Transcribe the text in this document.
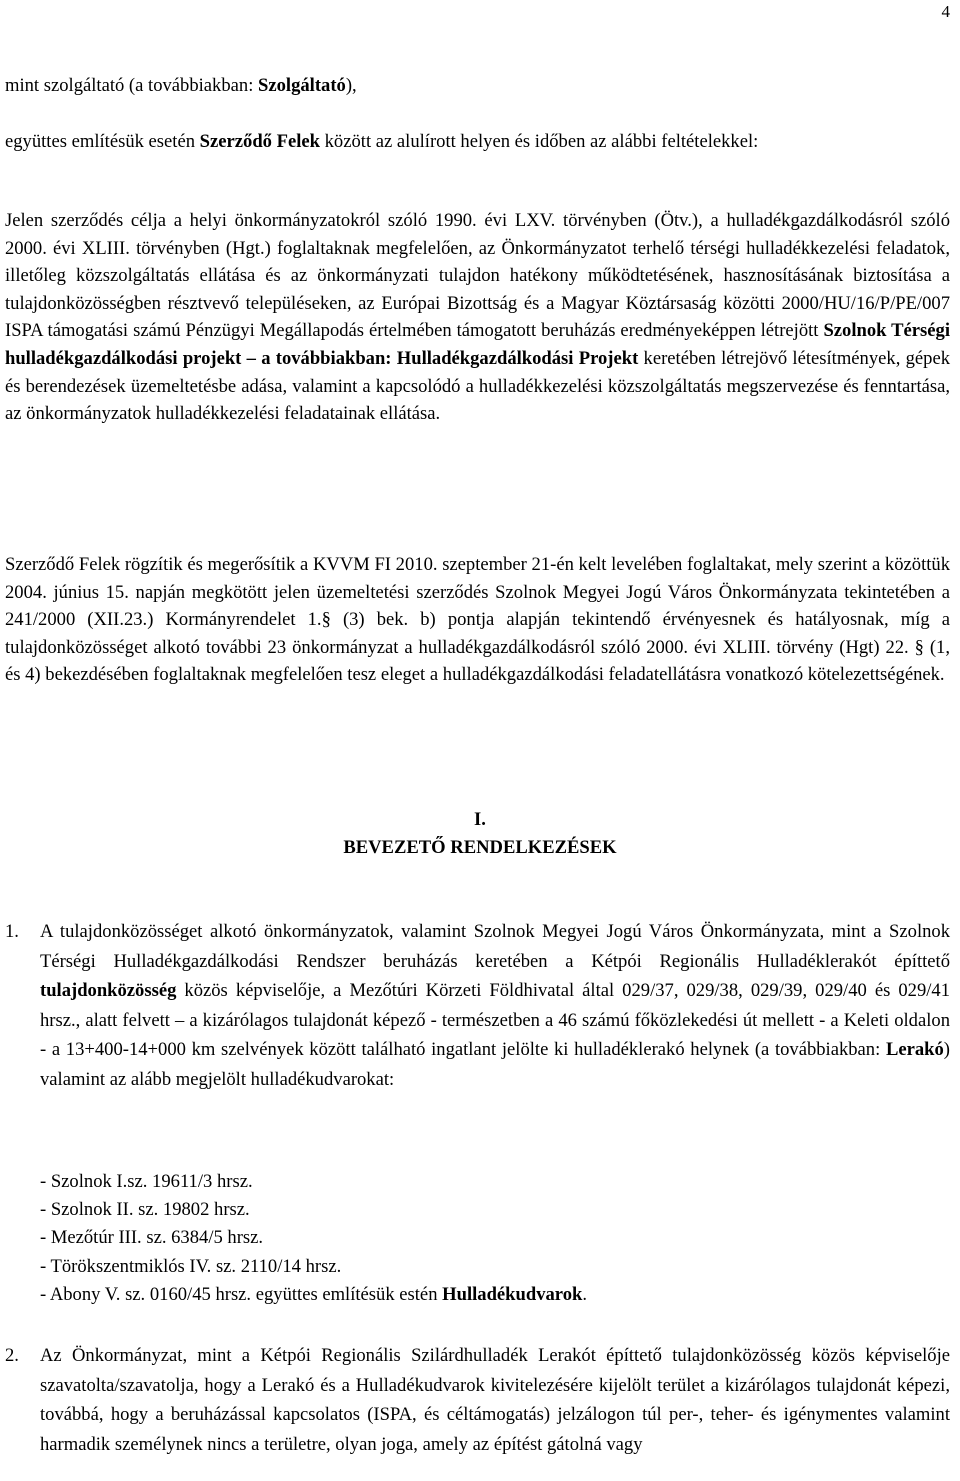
4
mint szolgáltató (a továbbiakban: Szolgáltató),
együttes említésük esetén Szerződő Felek között az alulírott helyen és időben az alábbi feltételekkel:
Jelen szerződés célja a helyi önkormányzatokról szóló 1990. évi LXV. törvényben (Ötv.), a hulladékgazdálkodásról szóló 2000. évi XLIII. törvényben (Hgt.) foglaltaknak megfelelően, az Önkormányzatot terhelő térségi hulladékkezelési feladatok, illetőleg közszolgáltatás ellátása és az önkormányzati tulajdon hatékony működtetésének, hasznosításának biztosítása a tulajdonközösségben résztvevő településeken, az Európai Bizottság és a Magyar Köztársaság közötti 2000/HU/16/P/PE/007 ISPA támogatási számú Pénzügyi Megállapodás értelmében támogatott beruházás eredményeképpen létrejött Szolnok Térségi hulladékgazdálkodási projekt – a továbbiakban: Hulladékgazdálkodási Projekt keretében létrejövő létesítmények, gépek és berendezések üzemeltetésbe adása, valamint a kapcsolódó a hulladékkezelési közszolgáltatás megszervezése és fenntartása, az önkormányzatok hulladékkezelési feladatainak ellátása.
Szerződő Felek rögzítik és megerősítik a KVVM FI 2010. szeptember 21-én kelt levelében foglaltakat, mely szerint a közöttük 2004. június 15. napján megkötött jelen üzemeltetési szerződés Szolnok Megyei Jogú Város Önkormányzata tekintetében a 241/2000 (XII.23.) Kormányrendelet 1.§ (3) bek. b) pontja alapján tekintendő érvényesnek és hatályosnak, míg a tulajdonközösséget alkotó további 23 önkormányzat a hulladékgazdálkodásról szóló 2000. évi XLIII. törvény (Hgt) 22. § (1, és 4) bekezdésében foglaltaknak megfelelően tesz eleget a hulladékgazdálkodási feladatellátásra vonatkozó kötelezettségének.
I.
BEVEZETŐ RENDELKEZÉSEK
1. A tulajdonközösséget alkotó önkormányzatok, valamint Szolnok Megyei Jogú Város Önkormányzata, mint a Szolnok Térségi Hulladékgazdálkodási Rendszer beruházás keretében a Kétpói Regionális Hulladéklerakót építtető tulajdonközösség közös képviselője, a Mezőtúri Körzeti Földhivatal által 029/37, 029/38, 029/39, 029/40 és 029/41 hrsz., alatt felvett – a kizárólagos tulajdonát képező - természetben a 46 számú főközlekedési út mellett - a Keleti oldalon - a 13+400-14+000 km szelvények között található ingatlant jelölte ki hulladéklerakó helynek (a továbbiakban: Lerakó) valamint az alább megjelölt hulladékudvarokat:
- Szolnok I.sz. 19611/3 hrsz.
- Szolnok II. sz. 19802 hrsz.
- Mezőtúr III. sz. 6384/5 hrsz.
- Törökszentmiklós IV. sz. 2110/14 hrsz.
- Abony V. sz. 0160/45 hrsz. együttes említésük estén Hulladékudvarok.
2. Az Önkormányzat, mint a Kétpói Regionális Szilárdhulladék Lerakót építtető tulajdonközösség közös képviselője szavatolta/szavatolja, hogy a Lerakó és a Hulladékudvarok kivitelezésére kijelölt terület a kizárólagos tulajdonát képezi, továbbá, hogy a beruházással kapcsolatos (ISPA, és céltámogatás) jelzálogon túl per-, teher- és igénymentes valamint harmadik személynek nincs a területre, olyan joga, amely az építést gátolná vagy
